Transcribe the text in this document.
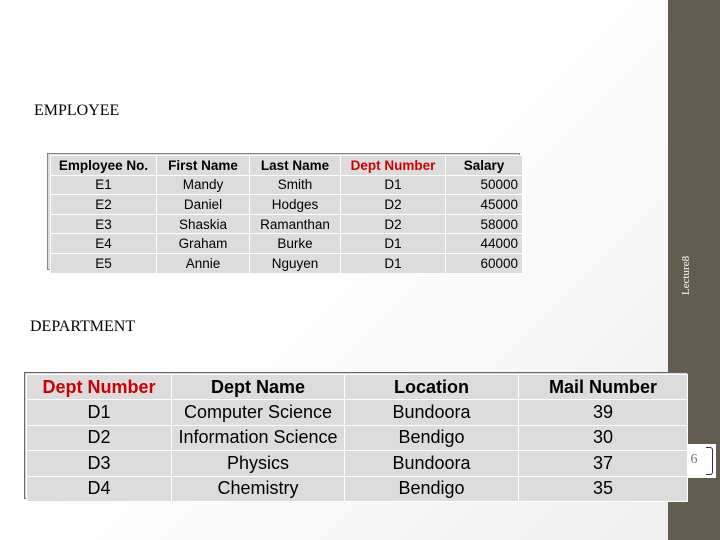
Lecture8
6
EMPLOYEE
Employee No.	First Name	Last Name	Dept Number	Salary
E1	Mandy	Smith	D1	50000
E2	Daniel	Hodges	D2	45000
E3	Shaskia	Ramanthan	D2	58000
E4	Graham	Burke	D1	44000
E5	Annie	Nguyen	D1	60000
DEPARTMENT
Dept Number	Dept Name	Location	Mail Number
D1	Computer Science	Bundoora	39
D2	Information Science	Bendigo	30
D3	Physics	Bundoora	37
D4	Chemistry	Bendigo	35
